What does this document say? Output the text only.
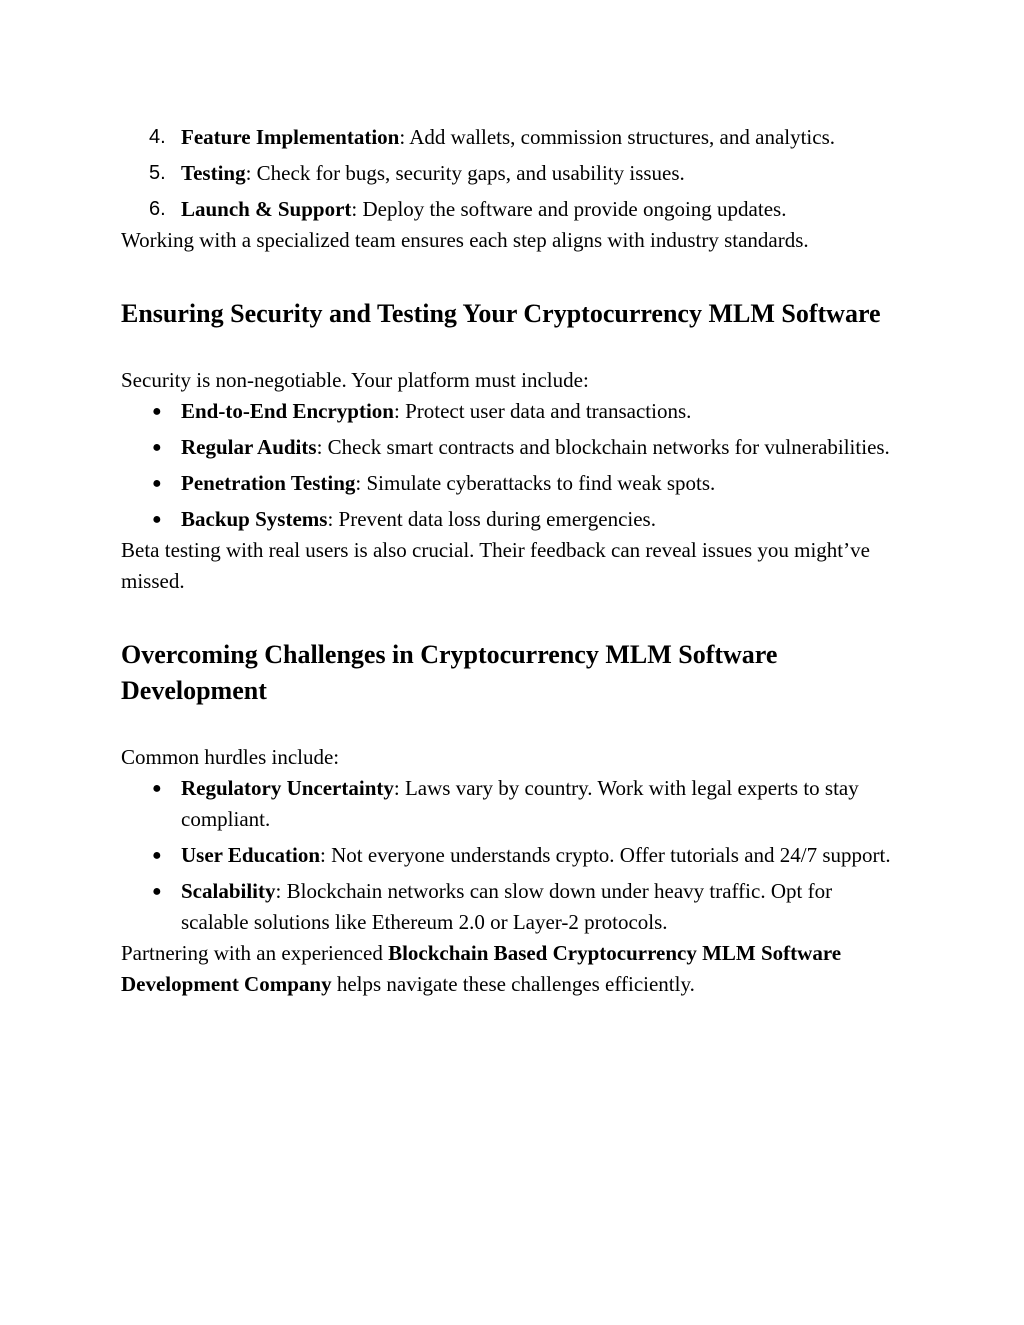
4. Feature Implementation: Add wallets, commission structures, and analytics.
5. Testing: Check for bugs, security gaps, and usability issues.
6. Launch & Support: Deploy the software and provide ongoing updates.

Working with a specialized team ensures each step aligns with industry standards.

Ensuring Security and Testing Your Cryptocurrency MLM Software

Security is non-negotiable. Your platform must include:

● End-to-End Encryption: Protect user data and transactions.
● Regular Audits: Check smart contracts and blockchain networks for vulnerabilities.
● Penetration Testing: Simulate cyberattacks to find weak spots.
● Backup Systems: Prevent data loss during emergencies.

Beta testing with real users is also crucial. Their feedback can reveal issues you might’ve missed.

Overcoming Challenges in Cryptocurrency MLM Software Development

Common hurdles include:

● Regulatory Uncertainty: Laws vary by country. Work with legal experts to stay compliant.
● User Education: Not everyone understands crypto. Offer tutorials and 24/7 support.
● Scalability: Blockchain networks can slow down under heavy traffic. Opt for scalable solutions like Ethereum 2.0 or Layer-2 protocols.

Partnering with an experienced Blockchain Based Cryptocurrency MLM Software Development Company helps navigate these challenges efficiently.
